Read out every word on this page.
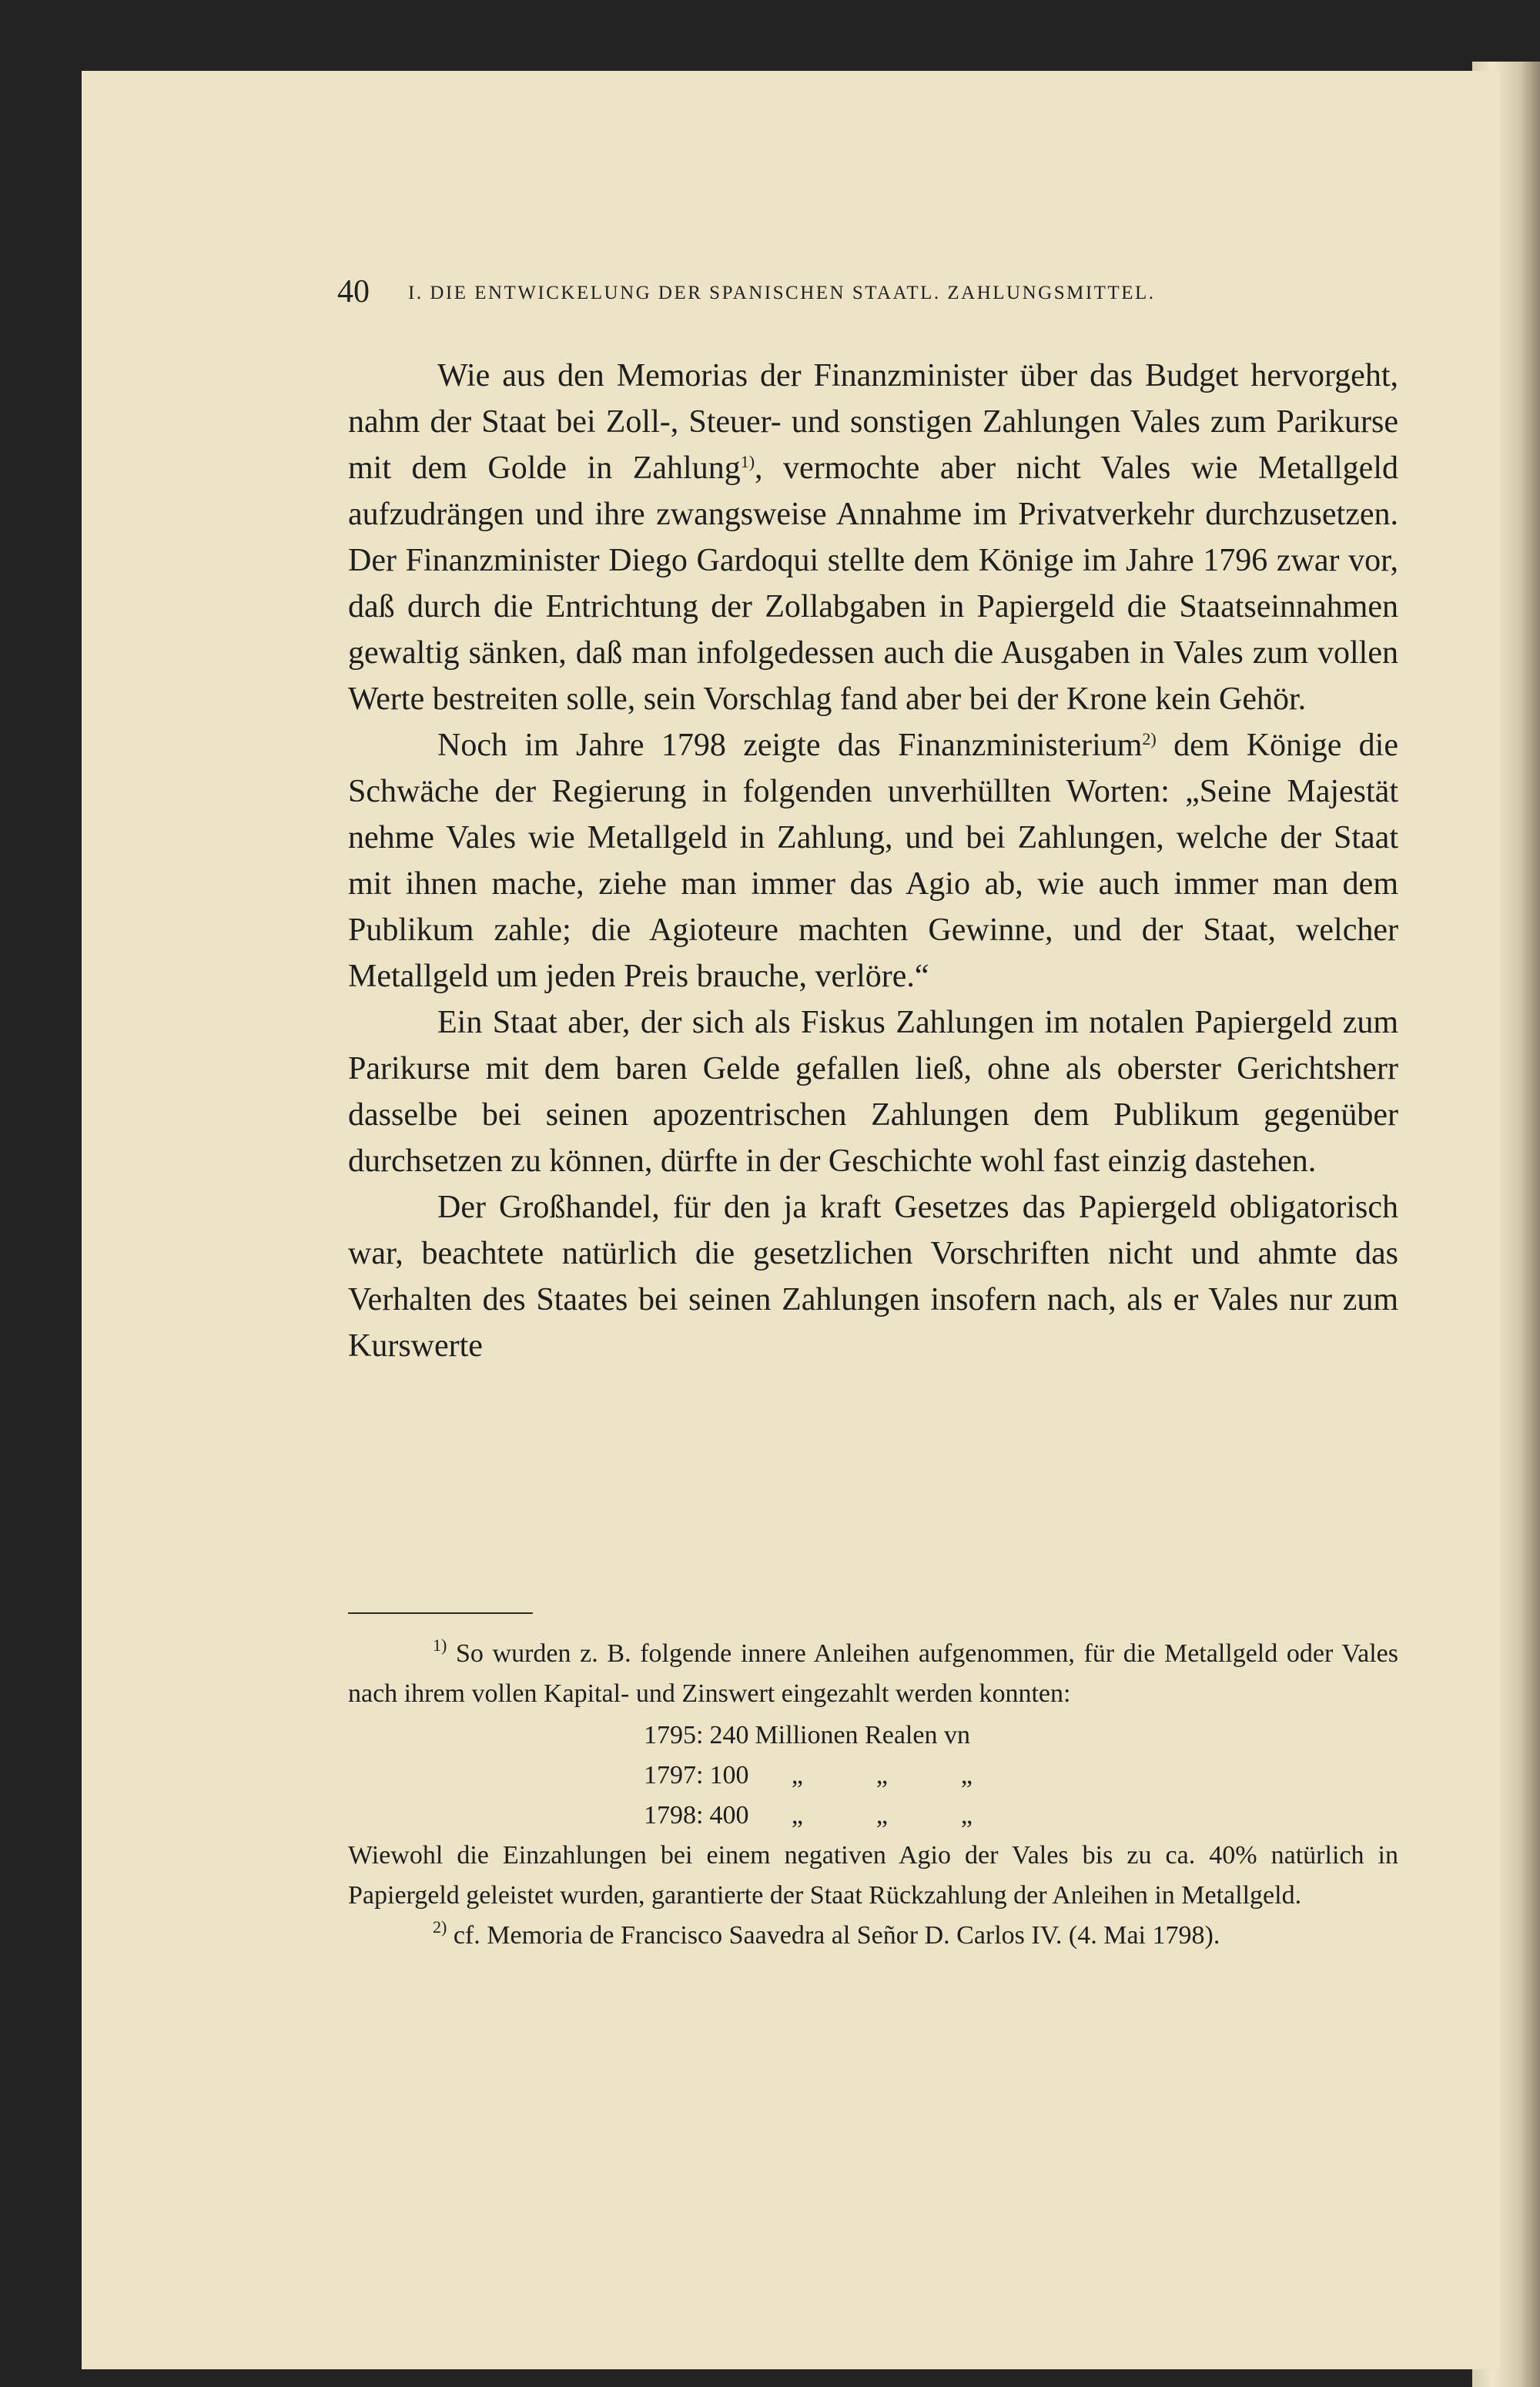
40 I. DIE ENTWICKELUNG DER SPANISCHEN STAATL. ZAHLUNGSMITTEL.

Wie aus den Memorias der Finanzminister über das Budget hervorgeht, nahm der Staat bei Zoll-, Steuer- und sonstigen Zahlungen Vales zum Parikurse mit dem Golde in Zahlung$^{1)}$, vermochte aber nicht Vales wie Metallgeld aufzudrängen und ihre zwangsweise Annahme im Privatverkehr durchzusetzen. Der Finanzminister Diego Gardoqui stellte dem Könige im Jahre 1796 zwar vor, daß durch die Entrichtung der Zollabgaben in Papiergeld die Staatseinnahmen gewaltig sänken, daß man infolgedessen auch die Ausgaben in Vales zum vollen Werte bestreiten solle, sein Vorschlag fand aber bei der Krone kein Gehör.

Noch im Jahre 1798 zeigte das Finanzministerium$^{2)}$ dem Könige die Schwäche der Regierung in folgenden unverhüllten Worten: „Seine Majestät nehme Vales wie Metallgeld in Zahlung, und bei Zahlungen, welche der Staat mit ihnen mache, ziehe man immer das Agio ab, wie auch immer man dem Publikum zahle; die Agioteure machten Gewinne, und der Staat, welcher Metallgeld um jeden Preis brauche, verlöre.“

Ein Staat aber, der sich als Fiskus Zahlungen im notalen Papiergeld zum Parikurse mit dem baren Gelde gefallen ließ, ohne als oberster Gerichtsherr dasselbe bei seinen apozentrischen Zahlungen dem Publikum gegenüber durchsetzen zu können, dürfte in der Geschichte wohl fast einzig dastehen.

Der Großhandel, für den ja kraft Gesetzes das Papiergeld obligatorisch war, beachtete natürlich die gesetzlichen Vorschriften nicht und ahmte das Verhalten des Staates bei seinen Zahlungen insofern nach, als er Vales nur zum Kurswerte

$^{1)}$ So wurden z. B. folgende innere Anleihen aufgenommen, für die Metallgeld oder Vales nach ihrem vollen Kapital- und Zinswert eingezahlt werden konnten:

1795:	240	Millionen Realen vn
1797:	100	„ „ „
1798:	400	„ „ „

Wiewohl die Einzahlungen bei einem negativen Agio der Vales bis zu ca. 40% natürlich in Papiergeld geleistet wurden, garantierte der Staat Rückzahlung der Anleihen in Metallgeld.

$^{2)}$ cf. Memoria de Francisco Saavedra al Señor D. Carlos IV. (4. Mai 1798).
